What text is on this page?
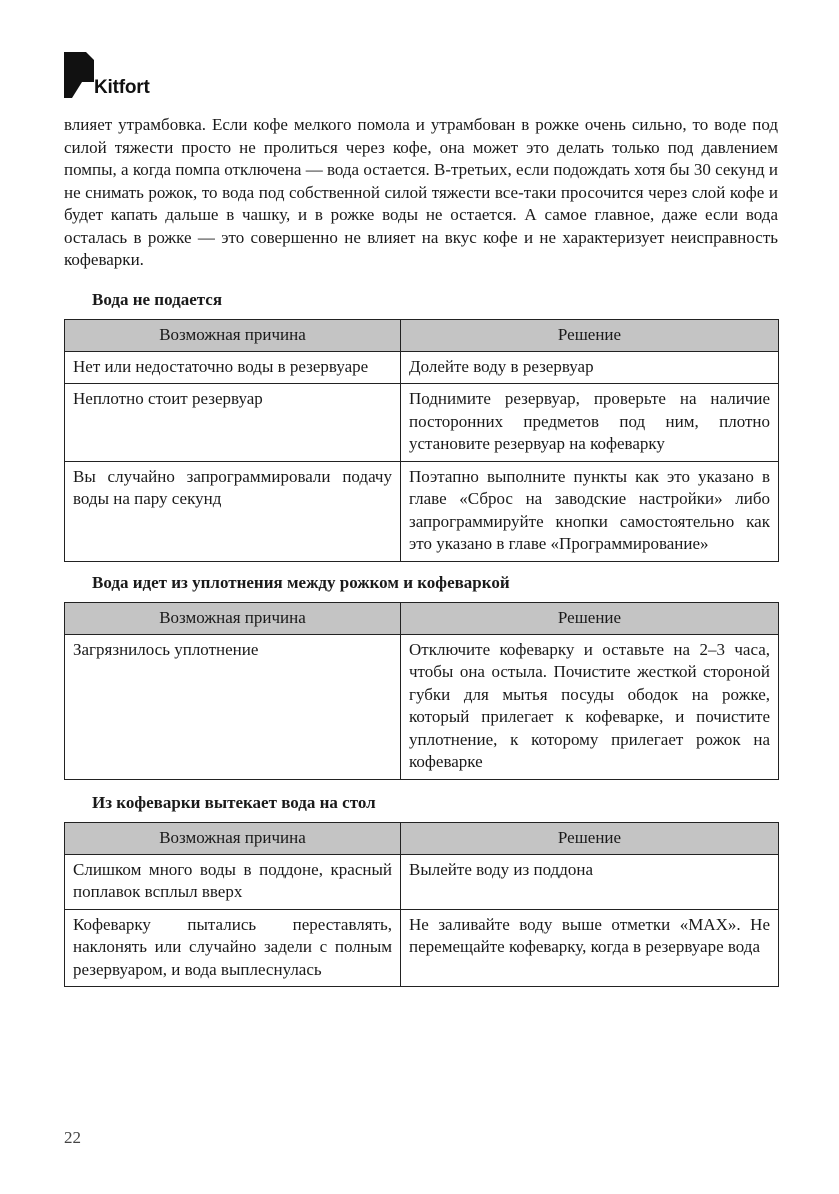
Kitfort

влияет утрамбовка. Если кофе мелкого помола и утрамбован в рожке очень сильно, то воде под силой тяжести просто не пролиться через кофе, она может это делать только под давлением помпы, а когда помпа отключена — вода остается. В-третьих, если подождать хотя бы 30 секунд и не снимать рожок, то вода под собственной силой тяжести все-таки просочится через слой кофе и будет капать дальше в чашку, и в рожке воды не остается. А самое главное, даже если вода осталась в рожке — это совершенно не влияет на вкус кофе и не характеризует неисправность кофеварки.

Вода не подается
Возможная причина	Решение
Нет или недостаточно воды в резервуаре	Долейте воду в резервуар
Неплотно стоит резервуар	Поднимите резервуар, проверьте на наличие посторонних предметов под ним, плотно установите резервуар на кофеварку
Вы случайно запрограммировали подачу воды на пару секунд	Поэтапно выполните пункты как это указано в главе «Сброс на заводские настройки» либо запрограммируйте кнопки самостоятельно как это указано в главе «Программирование»
Вода идет из уплотнения между рожком и кофеваркой
Возможная причина	Решение
Загрязнилось уплотнение	Отключите кофеварку и оставьте на 2–3 часа, чтобы она остыла. Почистите жесткой стороной губки для мытья посуды ободок на рожке, который прилегает к кофеварке, и почистите уплотнение, к которому прилегает рожок на кофеварке
Из кофеварки вытекает вода на стол
Возможная причина	Решение
Слишком много воды в поддоне, красный поплавок всплыл вверх	Вылейте воду из поддона
Кофеварку пытались переставлять, наклонять или случайно задели с полным резервуаром, и вода выплеснулась	Не заливайте воду выше отметки «MAX». Не перемещайте кофеварку, когда в резервуаре вода
22
